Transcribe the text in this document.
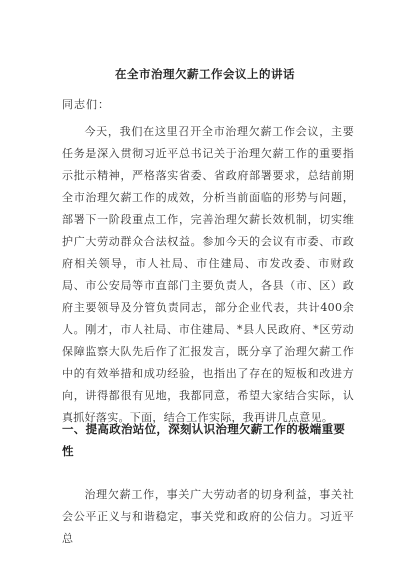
在全市治理欠薪工作会议上的讲话
同志们：

今天，我们在这里召开全市治理欠薪工作会议，主要任务是深入贯彻习近平总书记关于治理欠薪工作的重要指示批示精神，严格落实省委、省政府部署要求，总结前期全市治理欠薪工作的成效，分析当前面临的形势与问题，部署下一阶段重点工作，完善治理欠薪长效机制，切实维护广大劳动群众合法权益。参加今天的会议有市委、市政府相关领导，市人社局、市住建局、市发改委、市财政局、市公安局等市直部门主要负责人，各县（市、区）政府主要领导及分管负责同志，部分企业代表，共计400余人。刚才，市人社局、市住建局、*县人民政府、*区劳动保障监察大队先后作了汇报发言，既分享了治理欠薪工作中的有效举措和成功经验，也指出了存在的短板和改进方向，讲得都很有见地，我都同意，希望大家结合实际，认真抓好落实。下面，结合工作实际，我再讲几点意见。

一、提高政治站位，深刻认识治理欠薪工作的极端重要性

治理欠薪工作，事关广大劳动者的切身利益，事关社会公平正义与和谐稳定，事关党和政府的公信力。习近平总
